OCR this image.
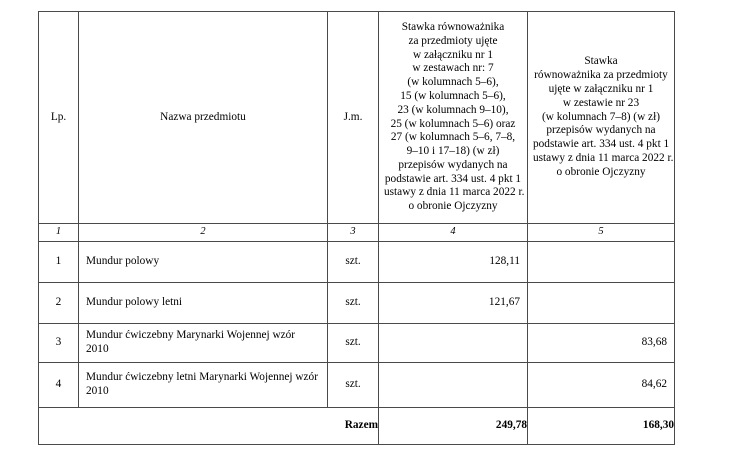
Lp.	Nazwa przedmiotu	J.m.	
Stawka równoważnika
za przedmioty ujęte
w załączniku nr 1
w zestawach nr: 7
(w kolumnach 5–6),
15 (w kolumnach 5–6),
23 (w kolumnach 9–10),
25 (w kolumnach 5–6) oraz
27 (w kolumnach 5–6, 7–8,
9–10 i 17–18) (w zł)
przepisów wydanych na
podstawie art. 334 ust. 4 pkt 1
ustawy z dnia 11 marca 2022 r.
o obronie Ojczyzny

Stawka
równoważnika za przedmioty
ujęte w załączniku nr 1
w zestawie nr 23
(w kolumnach 7–8) (w zł)
przepisów wydanych na
podstawie art. 334 ust. 4 pkt 1
ustawy z dnia 11 marca 2022 r.
o obronie Ojczyzny

1	2	3	4	5
1	Mundur polowy	szt.	128,11	
2	Mundur polowy letni	szt.	121,67	
3	Mundur ćwiczebny Marynarki Wojennej wzór 2010	szt.		83,68
4	Mundur ćwiczebny letni Marynarki Wojennej wzór 2010	szt.		84,62
Razem			249,78	168,30
